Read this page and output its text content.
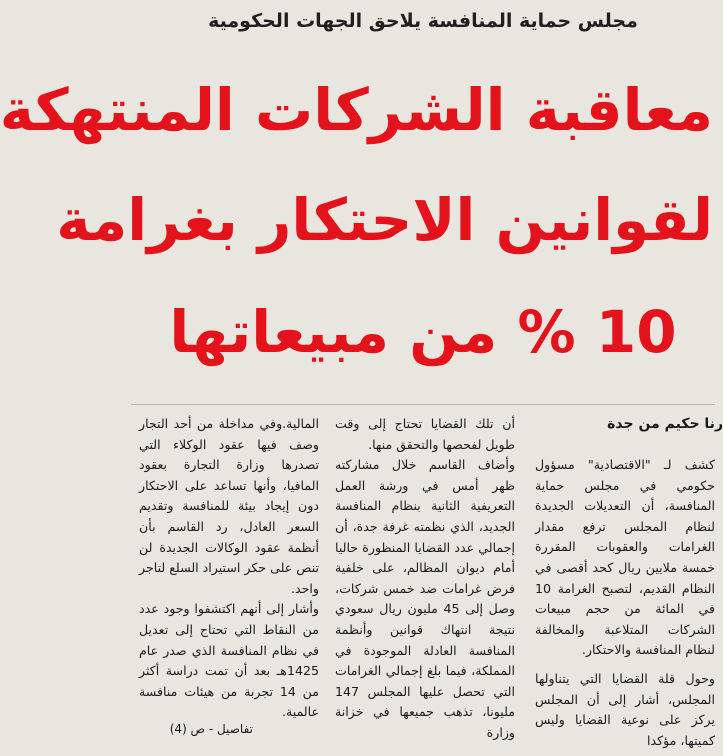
مجلس حماية المنافسة يلاحق الجهات الحكومية
معاقبة الشركات المنتهكة
لقوانين الاحتكار بغرامة
10 % من مبيعاتها
رنا حكيم من جدة

كشف لـ "الاقتصادية" مسؤول حكومي في مجلس حماية المنافسة، أن التعديلات الجديدة لنظام المجلس ترفع مقدار الغرامات والعقوبات المقررة خمسة ملايين ريال كحد أقصى في النظام القديم، لتصبح الغرامة 10 في المائة من حجم مبيعات الشركات المتلاعبة والمخالفة لنظام المنافسة والاحتكار.

وحول قلة القضايا التي يتناولها المجلس، أشار إلى أن المجلس يركز على نوعية القضايا وليس كميتها، مؤكدا

أن تلك القضايا تحتاج إلى وقت طويل لفحصها والتحقق منها.

وأضاف القاسم خلال مشاركته ظهر أمس في ورشة العمل التعريفية الثانية بنظام المنافسة الجديد، الذي نظمته غرفة جدة، أن إجمالي عدد القضايا المنظورة حاليا أمام ديوان المظالم، على خلفية فرض غرامات ضد خمس شركات، وصل إلى 45 مليون ريال سعودي نتيجة انتهاك قوانين وأنظمة المنافسة العادلة الموجودة في المملكة، فيما بلغ إجمالي الغرامات التي تحصل عليها المجلس 147 مليونا، تذهب جميعها في خزانة وزارة

المالية.وفي مداخلة من أحد التجار وصف فيها عقود الوكلاء التي تصدرها وزارة التجارة بعقود المافيا، وأنها تساعد على الاحتكار دون إيجاد بيئة للمنافسة وتقديم السعر العادل، رد القاسم بأن أنظمة عقود الوكالات الجديدة لن تنص على حكر استيراد السلع لتاجر واحد.

وأشار إلى أنهم اكتشفوا وجود عدد من النقاط التي تحتاج إلى تعديل في نظام المنافسة الذي صدر عام 1425هـ بعد أن تمت دراسة أكثر من 14 تجربة من هيئات منافسة عالمية.

تفاصيل - ص (4)
